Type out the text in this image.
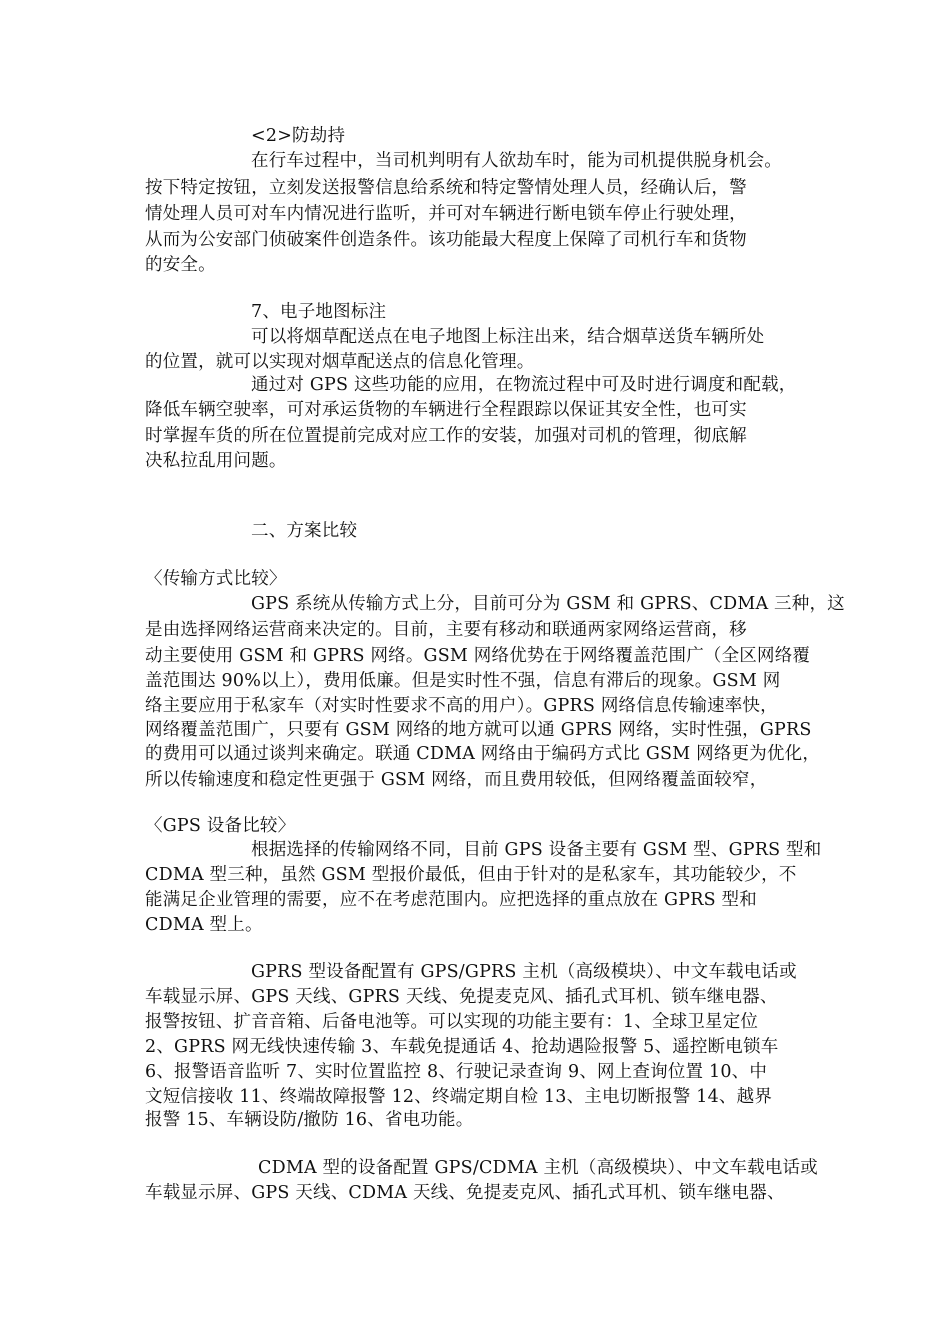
<2>防劫持
在行车过程中，当司机判明有人欲劫车时，能为司机提供脱身机会。
按下特定按钮，立刻发送报警信息给系统和特定警情处理人员，经确认后，警
情处理人员可对车内情况进行监听，并可对车辆进行断电锁车停止行驶处理，
从而为公安部门侦破案件创造条件。该功能最大程度上保障了司机行车和货物
的安全。
7、电子地图标注
可以将烟草配送点在电子地图上标注出来，结合烟草送货车辆所处
的位置，就可以实现对烟草配送点的信息化管理。
通过对 GPS 这些功能的应用，在物流过程中可及时进行调度和配载，
降低车辆空驶率，可对承运货物的车辆进行全程跟踪以保证其安全性，也可实
时掌握车货的所在位置提前完成对应工作的安装，加强对司机的管理，彻底解
决私拉乱用问题。
二、方案比较
〈传输方式比较〉
GPS 系统从传输方式上分，目前可分为 GSM 和 GPRS、CDMA 三种，这
是由选择网络运营商来决定的。目前，主要有移动和联通两家网络运营商，移
动主要使用 GSM 和 GPRS 网络。GSM 网络优势在于网络覆盖范围广（全区网络覆
盖范围达 90%以上），费用低廉。但是实时性不强，信息有滞后的现象。GSM 网
络主要应用于私家车（对实时性要求不高的用户）。GPRS 网络信息传输速率快，
网络覆盖范围广，只要有 GSM 网络的地方就可以通 GPRS 网络，实时性强，GPRS
的费用可以通过谈判来确定。联通 CDMA 网络由于编码方式比 GSM 网络更为优化，
所以传输速度和稳定性更强于 GSM 网络，而且费用较低，但网络覆盖面较窄，
〈GPS 设备比较〉
根据选择的传输网络不同，目前 GPS 设备主要有 GSM 型、GPRS 型和
CDMA 型三种，虽然 GSM 型报价最低，但由于针对的是私家车，其功能较少，不
能满足企业管理的需要，应不在考虑范围内。应把选择的重点放在 GPRS 型和
CDMA 型上。
GPRS 型设备配置有 GPS/GPRS 主机（高级模块）、中文车载电话或
车载显示屏、GPS 天线、GPRS 天线、免提麦克风、插孔式耳机、锁车继电器、
报警按钮、扩音音箱、后备电池等。可以实现的功能主要有：1、全球卫星定位
2、GPRS 网无线快速传输 3、车载免提通话 4、抢劫遇险报警 5、遥控断电锁车
6、报警语音监听 7、实时位置监控 8、行驶记录查询 9、网上查询位置 10、中
文短信接收 11、终端故障报警 12、终端定期自检 13、主电切断报警 14、越界
报警 15、车辆设防/撤防 16、省电功能。
CDMA 型的设备配置 GPS/CDMA 主机（高级模块）、中文车载电话或
车载显示屏、GPS 天线、CDMA 天线、免提麦克风、插孔式耳机、锁车继电器、
